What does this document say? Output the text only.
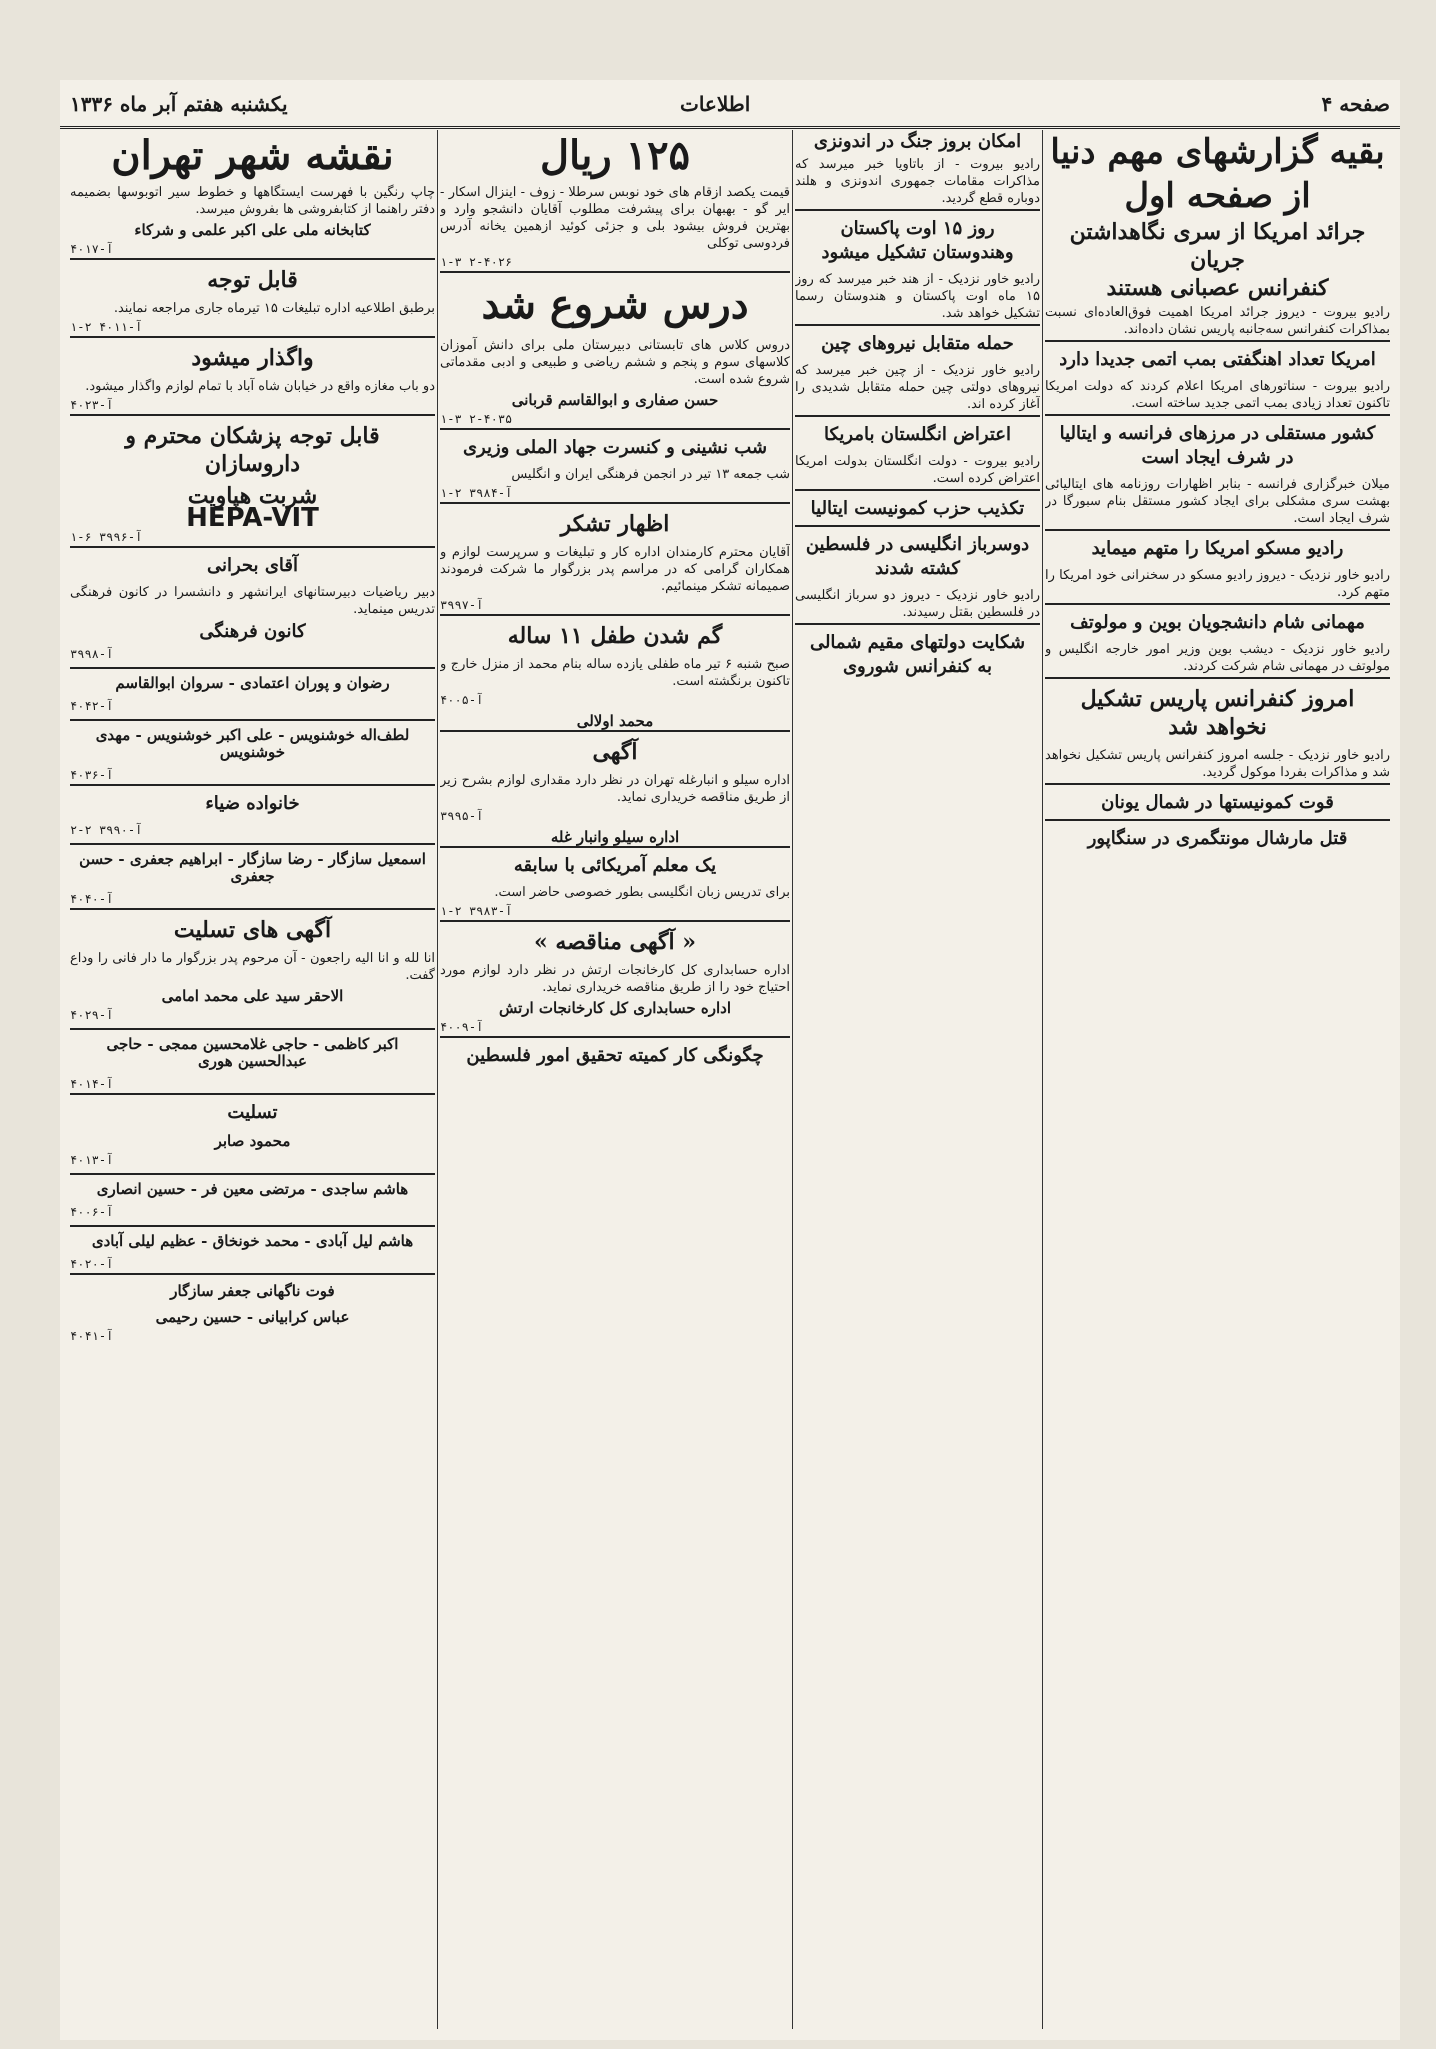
صفحه ۴
اطلاعات
یکشنبه هفتم آبر ماه ۱۳۳۶
بقیه گزارشهای مهم دنیا از صفحه اول
جرائد امریکا از سری نگاهداشتن جریان
کنفرانس عصبانی هستند
رادیو بیروت - دیروز جرائد امریکا اهمیت فوق‌العاده‌ای نسبت بمذاکرات کنفرانس سه‌جانبه پاریس نشان داده‌اند.
امریکا تعداد اهنگفتی بمب اتمی جدیدا دارد
رادیو بیروت - سناتورهای امریکا اعلام کردند که دولت امریکا تاکنون تعداد زیادی بمب اتمی جدید ساخته است.
کشور مستقلی در مرزهای فرانسه و ایتالیا در شرف ایجاد است
میلان خبرگزاری فرانسه - بنابر اظهارات روزنامه های ایتالیائی بهشت سری مشکلی برای ایجاد کشور مستقل بنام سبورگا در شرف ایجاد است.
رادیو مسکو امریکا را متهم میماید
رادیو خاور نزدیک - دیروز رادیو مسکو در سخنرانی خود امریکا را متهم کرد.
مهمانی شام دانشجویان بوین و مولوتف
رادیو خاور نزدیک - دیشب بوین وزیر امور خارجه انگلیس و مولوتف در مهمانی شام شرکت کردند.
امروز کنفرانس پاریس تشکیل نخواهد شد
رادیو خاور نزدیک - جلسه امروز کنفرانس پاریس تشکیل نخواهد شد و مذاکرات بفردا موکول گردید.
قوت کمونیستها در شمال یونان
قتل مارشال مونتگمری در سنگاپور
امکان بروز جنگ در اندونزی
رادیو بیروت - از باتاویا خبر میرسد که مذاکرات مقامات جمهوری اندونزی و هلند دوباره قطع گردید.
روز ۱۵ اوت پاکستان وهندوستان تشکیل میشود
رادیو خاور نزدیک - از هند خبر میرسد که روز ۱۵ ماه اوت پاکستان و هندوستان رسما تشکیل خواهد شد.
حمله متقابل نیروهای چین
رادیو خاور نزدیک - از چین خبر میرسد که نیروهای دولتی چین حمله متقابل شدیدی را آغاز کرده اند.
اعتراض انگلستان بامریکا
رادیو بیروت - دولت انگلستان بدولت امریکا اعتراض کرده است.
تکذیب حزب کمونیست ایتالیا
دوسرباز انگلیسی در فلسطین کشته شدند
رادیو خاور نزدیک - دیروز دو سرباز انگلیسی در فلسطین بقتل رسیدند.
شکایت دولتهای مقیم شمالی به کنفرانس شوروی
۱۲۵ ریال
قیمت یکصد ازقام های خود نوبس سرطلا - زوف - اینزال اسکار - ایر گو - بهبهان برای پیشرفت مطلوب آقایان دانشجو وارد و بهترین فروش بیشود بلی و جزئی کوئید ازهمین یخانه آدرس فردوسی توکلی
۲-۴۰۲۶ ۱-۳
درس شروع شد
دروس کلاس های تابستانی دبیرستان ملی برای دانش آموزان کلاسهای سوم و پنجم و ششم ریاضی و طبیعی و ادبی مقدماتی شروع شده است.
حسن صفاری و ابوالقاسم قربانی
۲-۴۰۳۵ ۱-۳
شب نشینی و کنسرت جهاد الملی وزیری
شب جمعه ۱۳ تیر در انجمن فرهنگی ایران و انگلیس
آ-۳۹۸۴ ۲-۱
اظهار تشکر
آقایان محترم کارمندان اداره کار و تبلیغات و سرپرست لوازم و همکاران گرامی که در مراسم پدر بزرگوار ما شرکت فرمودند صمیمانه تشکر مینمائیم.
آ-۳۹۹۷
گم شدن طفل ۱۱ ساله
صبح شنبه ۶ تیر ماه طفلی یازده ساله بنام محمد از منزل خارج و تاکنون برنگشته است.
آ-۴۰۰۵
محمد اولالی
آگهی
اداره سیلو و انبارغله تهران در نظر دارد مقداری لوازم بشرح زیر از طریق مناقصه خریداری نماید.
آ-۳۹۹۵
اداره سیلو وانبار غله
یک معلم آمریکائی با سابقه
برای تدریس زبان انگلیسی بطور خصوصی حاضر است.
آ-۳۹۸۳ ۲-۱
« آگهی مناقصه »
اداره حسابداری کل کارخانجات ارتش در نظر دارد لوازم مورد احتیاج خود را از طریق مناقصه خریداری نماید.
اداره حسابداری کل کارخانجات ارتش
آ-۴۰۰۹
چگونگی کار کمیته تحقیق امور فلسطین
نقشه شهر تهران
چاپ رنگین با فهرست ایستگاهها و خطوط سیر اتوبوسها بضمیمه دفتر راهنما از کتابفروشی ها بفروش میرسد.
کتابخانه ملی علی اکبر علمی و شرکاء
آ-۴۰۱۷
قابل توجه
برطبق اطلاعیه اداره تبلیغات ۱۵ تیرماه جاری مراجعه نمایند.
آ-۴۰۱۱ ۲-۱
واگذار میشود
دو باب مغازه واقع در خیابان شاه آباد با تمام لوازم واگذار میشود.
آ-۴۰۲۳
قابل توجه پزشکان محترم و داروسازان
شربت هپاویت
HEPA-VIT
آ-۳۹۹۶ ۶-۱
آقای بحرانی
دبیر ریاضیات دبیرستانهای ایرانشهر و دانشسرا در کانون فرهنگی تدریس مینماید.
کانون فرهنگی
آ-۳۹۹۸
رضوان و پوران اعتمادی - سروان ابوالقاسم
آ-۴۰۴۲
لطف‌اله خوشنویس - علی اکبر خوشنویس - مهدی خوشنویس
آ-۴۰۳۶
خانواده ضیاء
آ-۳۹۹۰ ۲-۲
اسمعیل سازگار - رضا سازگار - ابراهیم جعفری - حسن جعفری
آ-۴۰۴۰
آگهی های تسلیت
انا لله و انا الیه راجعون - آن مرحوم پدر بزرگوار ما دار فانی را وداع گفت.
الاحقر سید علی محمد امامی
آ-۴۰۲۹
اکبر کاظمی - حاجی غلامحسین ممجی - حاجی عبدالحسین هوری
آ-۴۰۱۴
تسلیت
محمود صابر
آ-۴۰۱۳
هاشم ساجدی - مرتضی معین فر - حسین انصاری
آ-۴۰۰۶
هاشم لیل آبادی - محمد خونخاق - عظیم لیلی آبادی
آ-۴۰۲۰
فوت ناگهانی جعفر سازگار
عباس کرابیانی - حسین رحیمی
آ-۴۰۴۱
